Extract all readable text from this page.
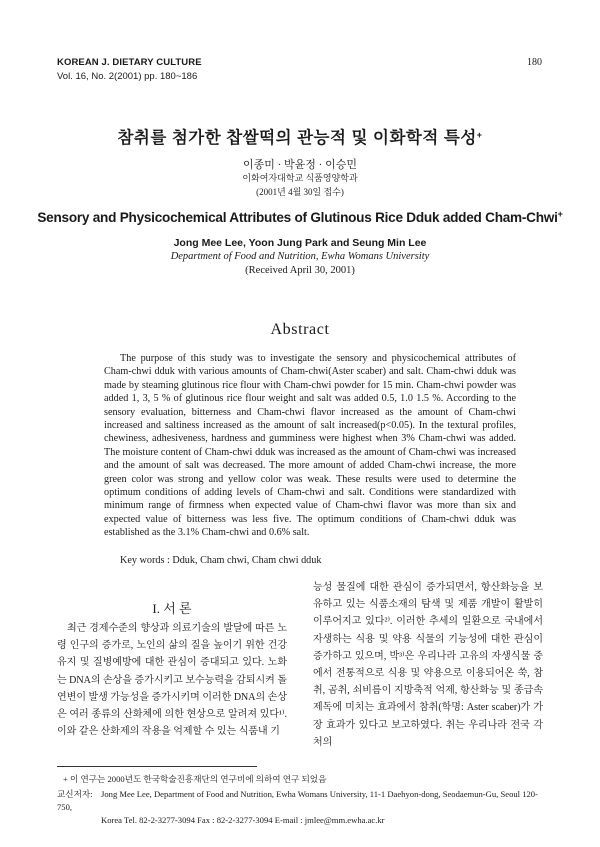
KOREAN J. DIETARY CULTURE
Vol. 16, No. 2(2001) pp. 180~186
180
참취를 첨가한 찹쌀떡의 관능적 및 이화학적 특성+
이종미 · 박윤정 · 이승민
이화여자대학교 식품영양학과
(2001년 4월 30일 접수)
Sensory and Physicochemical Attributes of Glutinous Rice Dduk added Cham-Chwi+
Jong Mee Lee, Yoon Jung Park and Seung Min Lee
Department of Food and Nutrition, Ewha Womans University
(Received April 30, 2001)
Abstract

The purpose of this study was to investigate the sensory and physicochemical attributes of Cham-chwi dduk with various amounts of Cham-chwi(Aster scaber) and salt. Cham-chwi dduk was made by steaming glutinous rice flour with Cham-chwi powder for 15 min. Cham-chwi powder was added 1, 3, 5 % of glutinous rice flour weight and salt was added 0.5, 1.0 1.5 %. According to the sensory evaluation, bitterness and Cham-chwi flavor increased as the amount of Cham-chwi increased and saltiness increased as the amount of salt increased(p<0.05). In the textural profiles, chewiness, adhesiveness, hardness and gumminess were highest when 3% Cham-chwi was added. The moisture content of Cham-chwi dduk was increased as the amount of Cham-chwi was increased and the amount of salt was decreased. The more amount of added Cham-chwi increase, the more green color was strong and yellow color was weak. These results were used to determine the optimum conditions of adding levels of Cham-chwi and salt. Conditions were standardized with minimum range of firmness when expected value of Cham-chwi flavor was more than six and expected value of bitterness was less five. The optimum conditions of Cham-chwi dduk was established as the 3.1% Cham-chwi and 0.6% salt.

Key words : Dduk, Cham chwi, Cham chwi dduk
I. 서 론

최근 경제수준의 향상과 의료기술의 발달에 따른 노령 인구의 증가로, 노인의 삶의 질을 높이기 위한 건강유지 및 질병예방에 대한 관심이 증대되고 있다. 노화는 DNA의 손상을 증가시키고 보수능력을 감퇴시켜 돌연변이 발생 가능성을 증가시키며 이러한 DNA의 손상은 여러 종류의 산화체에 의한 현상으로 알려져 있다¹⁾. 이와 같은 산화제의 작용을 억제할 수 있는 식품내 기

능성 물질에 대한 관심이 증가되면서, 항산화능을 보유하고 있는 식품소재의 탐색 및 제품 개발이 활발히 이루어지고 있다²⁾. 이러한 추세의 일환으로 국내에서 자생하는 식용 및 약용 식물의 기능성에 대한 관심이 증가하고 있으며, 박³⁾은 우리나라 고유의 자생식물 중에서 전통적으로 식용 및 약용으로 이용되어온 쑥, 참취, 곰취, 쇠비름이 지방축적 억제, 항산화능 및 종급속 제독에 미치는 효과에서 참취(학명: Aster scaber)가 가장 효과가 있다고 보고하였다. 취는 우리나라 전국 각처의

+ 이 연구는 2000년도 한국학술진흥재단의 연구비에 의하여 연구 되었음
교신저자: Jong Mee Lee, Department of Food and Nutrition, Ewha Womans University, 11-1 Daehyon-dong, Seodaemun-Gu, Seoul 120-750,
Korea Tel. 82-2-3277-3094 Fax : 82-2-3277-3094 E-mail : jmlee@mm.ewha.ac.kr
